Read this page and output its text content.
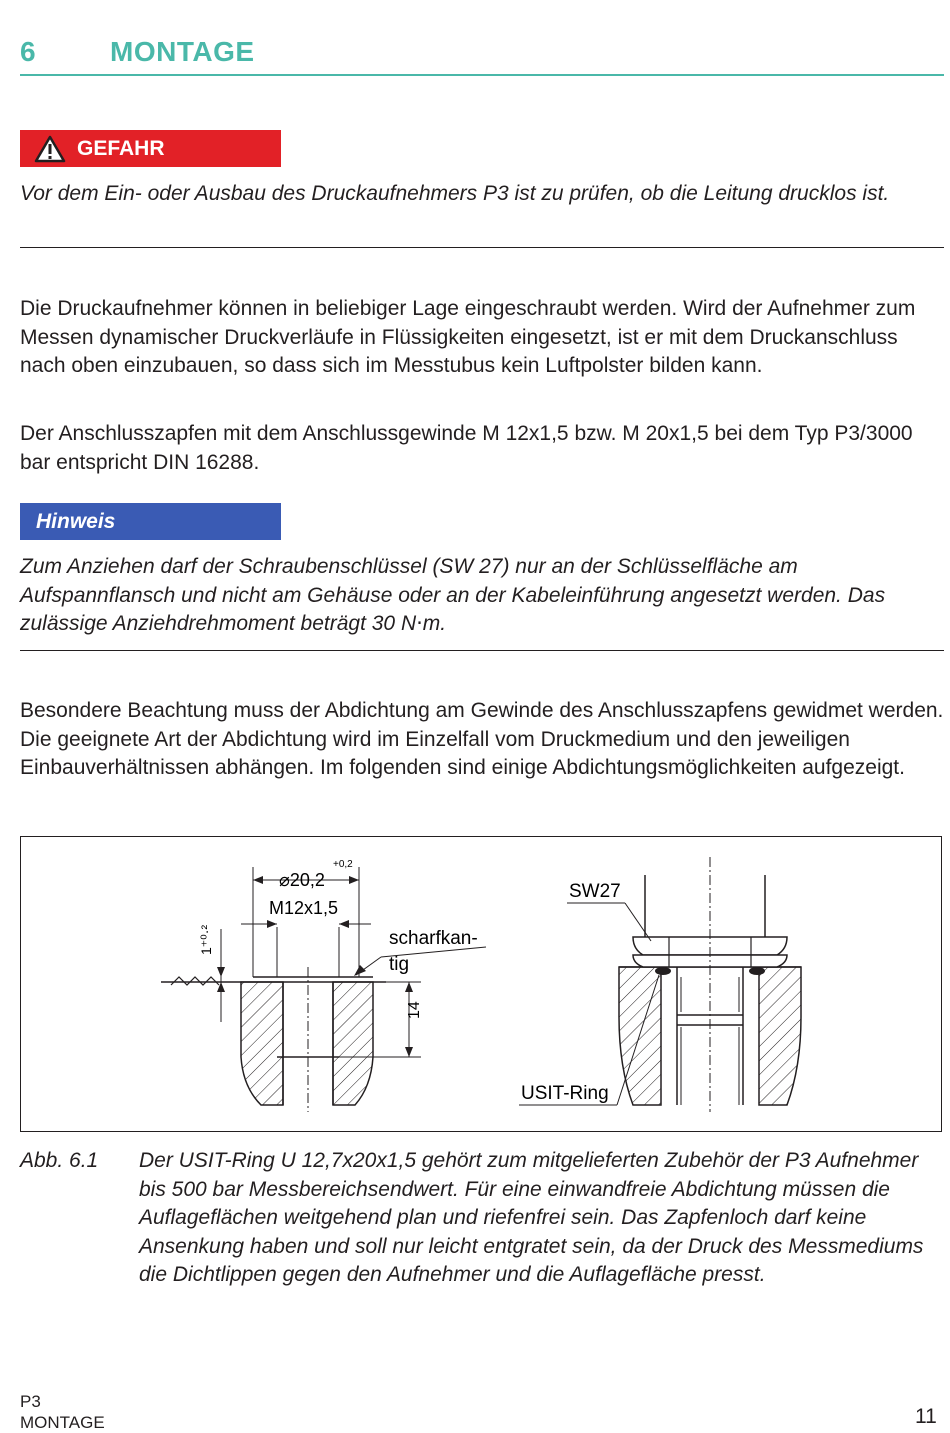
6	MONTAGE
GEFAHR
Vor dem Ein- oder Ausbau des Druckaufnehmers P3 ist zu prüfen, ob die Leitung drucklos ist.
Die Druckaufnehmer können in beliebiger Lage eingeschraubt werden. Wird der Aufnehmer zum Messen dynamischer Druckverläufe in Flüssigkeiten eingesetzt, ist er mit dem Druckanschluss nach oben einzubauen, so dass sich im Messtubus kein Luftpolster bilden kann.
Der Anschlusszapfen mit dem Anschlussgewinde M 12x1,5 bzw. M 20x1,5 bei dem Typ P3/3000 bar entspricht DIN 16288.
Hinweis
Zum Anziehen darf der Schraubenschlüssel (SW 27) nur an der Schlüsselfläche am Aufspannflansch und nicht am Gehäuse oder an der Kabeleinführung angesetzt werden. Das zulässige Anziehdrehmoment beträgt 30 N⋅m.
Besondere Beachtung muss der Abdichtung am Gewinde des Anschlusszapfens gewidmet werden. Die geeignete Art der Abdichtung wird im Einzelfall vom Druckmedium und den jeweiligen Einbauverhältnissen abhängen. Im folgenden sind einige Abdichtungsmöglichkeiten aufgezeigt.
1⁺⁰·²
⌀20,2
+0,2
M12x1,5
14
scharfkan-
tig
SW27
USIT-Ring
Abb. 6.1 Der USIT-Ring U 12,7x20x1,5 gehört zum mitgelieferten Zubehör der P3 Aufnehmer bis 500 bar Messbereichsendwert. Für eine einwandfreie Abdichtung müssen die Auflageflächen weitgehend plan und riefenfrei sein. Das Zapfenloch darf keine Ansenkung haben und soll nur leicht entgratet sein, da der Druck des Messmediums die Dichtlippen gegen den Aufnehmer und die Auflagefläche presst.
P3
MONTAGE	11
